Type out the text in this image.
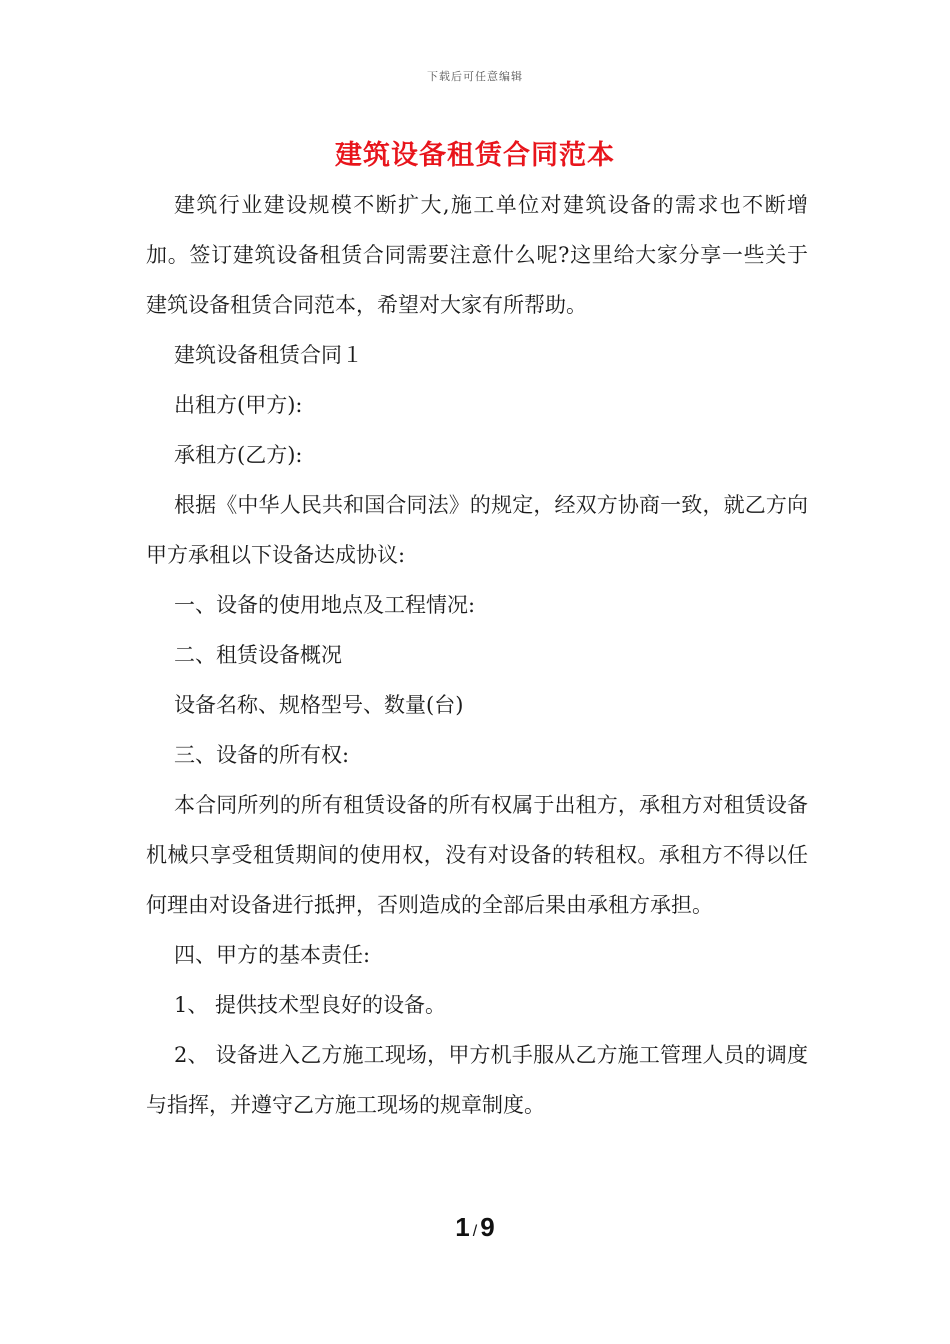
下载后可任意编辑
建筑设备租赁合同范本

建筑行业建设规模不断扩大,施工单位对建筑设备的需求也不断增加。签订建筑设备租赁合同需要注意什么呢?这里给大家分享一些关于建筑设备租赁合同范本，希望对大家有所帮助。

建筑设备租赁合同１

出租方(甲方):

承租方(乙方):

根据《中华人民共和国合同法》的规定，经双方协商一致，就乙方向甲方承租以下设备达成协议:

一、设备的使用地点及工程情况:

二、租赁设备概况

设备名称、规格型号、数量(台)

三、设备的所有权:

本合同所列的所有租赁设备的所有权属于出租方，承租方对租赁设备机械只享受租赁期间的使用权，没有对设备的转租权。承租方不得以任何理由对设备进行抵押，否则造成的全部后果由承租方承担。

四、甲方的基本责任:

1、 提供技术型良好的设备。

2、 设备进入乙方施工现场，甲方机手服从乙方施工管理人员的调度与指挥，并遵守乙方施工现场的规章制度。

1 / 9
